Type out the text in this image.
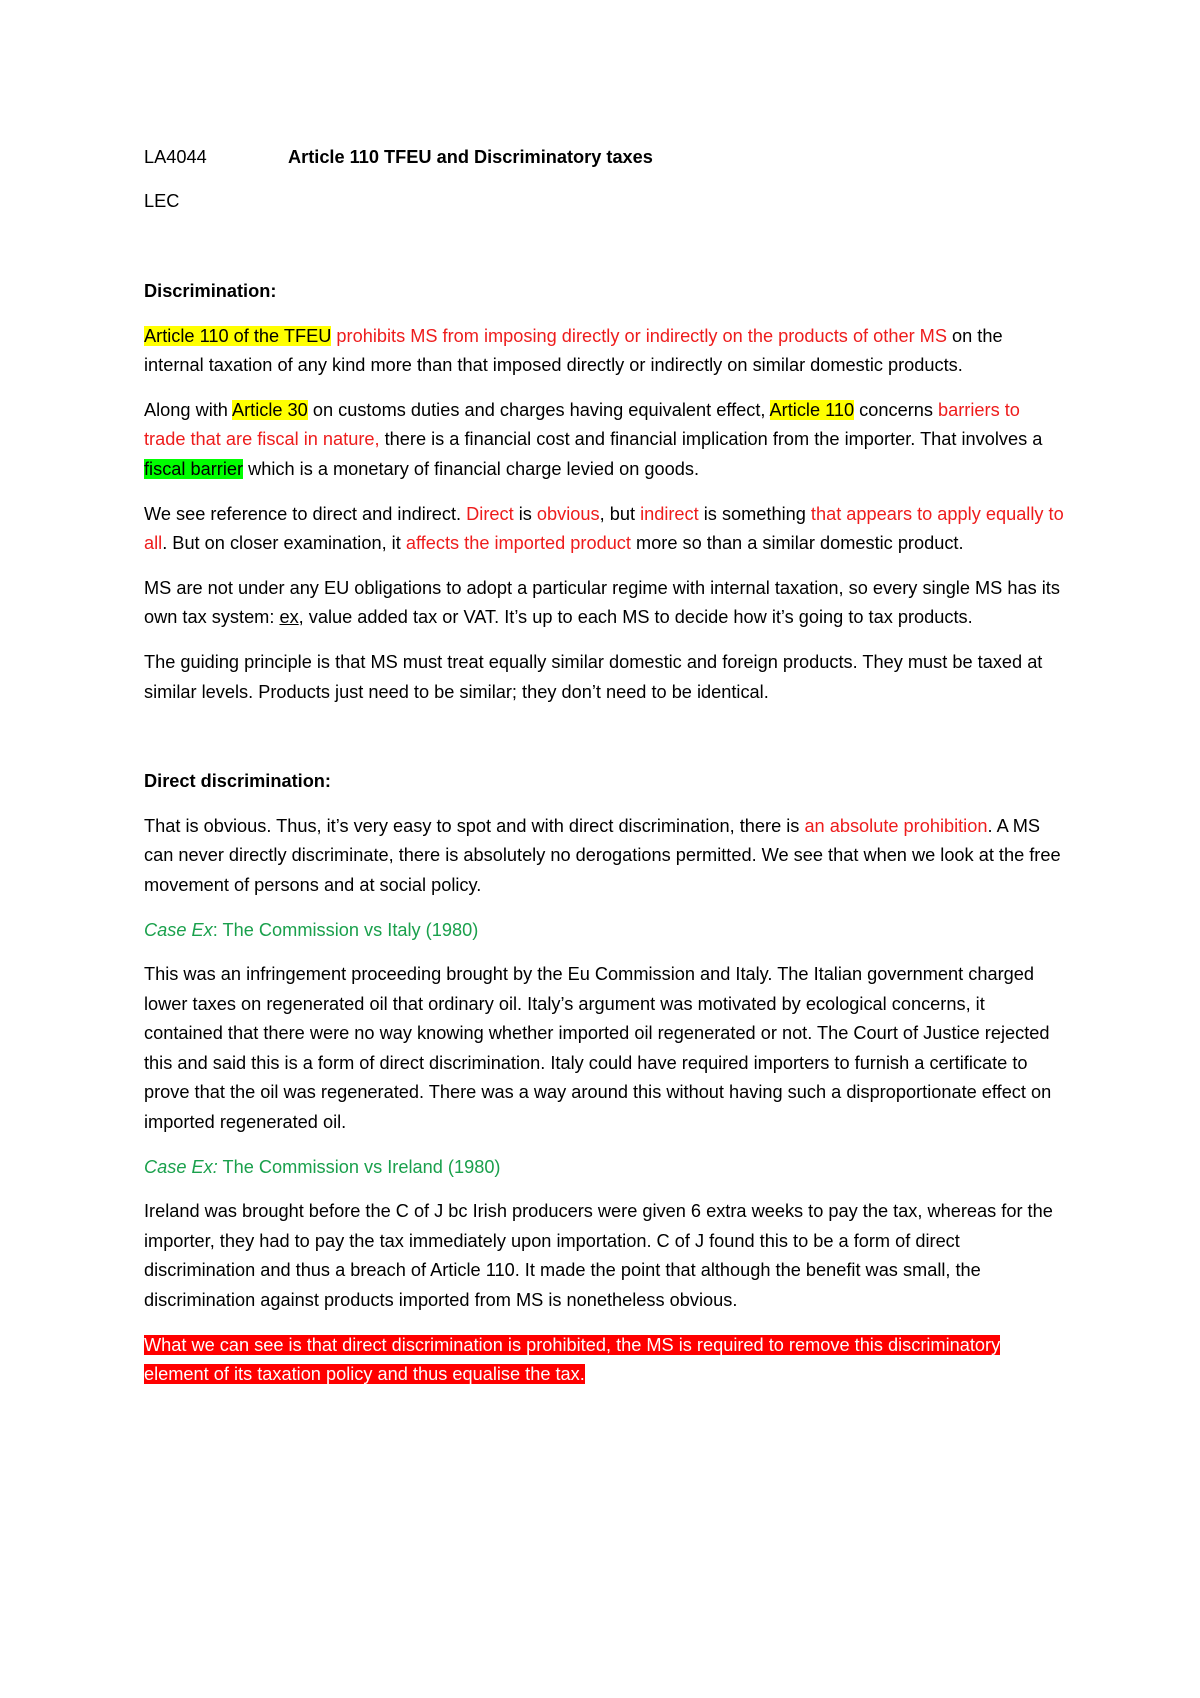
LA4044	Article 110 TFEU and Discriminatory taxes
LEC

Discrimination:

Article 110 of the TFEU prohibits MS from imposing directly or indirectly on the products of other MS on the internal taxation of any kind more than that imposed directly or indirectly on similar domestic products.

Along with Article 30 on customs duties and charges having equivalent effect, Article 110 concerns barriers to trade that are fiscal in nature, there is a financial cost and financial implication from the importer. That involves a fiscal barrier which is a monetary of financial charge levied on goods.

We see reference to direct and indirect. Direct is obvious, but indirect is something that appears to apply equally to all. But on closer examination, it affects the imported product more so than a similar domestic product.

MS are not under any EU obligations to adopt a particular regime with internal taxation, so every single MS has its own tax system: ex, value added tax or VAT. It’s up to each MS to decide how it’s going to tax products.

The guiding principle is that MS must treat equally similar domestic and foreign products. They must be taxed at similar levels. Products just need to be similar; they don’t need to be identical.

Direct discrimination:

That is obvious. Thus, it’s very easy to spot and with direct discrimination, there is an absolute prohibition. A MS can never directly discriminate, there is absolutely no derogations permitted. We see that when we look at the free movement of persons and at social policy.

Case Ex: The Commission vs Italy (1980)

This was an infringement proceeding brought by the Eu Commission and Italy. The Italian government charged lower taxes on regenerated oil that ordinary oil. Italy’s argument was motivated by ecological concerns, it contained that there were no way knowing whether imported oil regenerated or not. The Court of Justice rejected this and said this is a form of direct discrimination. Italy could have required importers to furnish a certificate to prove that the oil was regenerated. There was a way around this without having such a disproportionate effect on imported regenerated oil.

Case Ex: The Commission vs Ireland (1980)

Ireland was brought before the C of J bc Irish producers were given 6 extra weeks to pay the tax, whereas for the importer, they had to pay the tax immediately upon importation. C of J found this to be a form of direct discrimination and thus a breach of Article 110. It made the point that although the benefit was small, the discrimination against products imported from MS is nonetheless obvious.

What we can see is that direct discrimination is prohibited, the MS is required to remove this discriminatory element of its taxation policy and thus equalise the tax.
